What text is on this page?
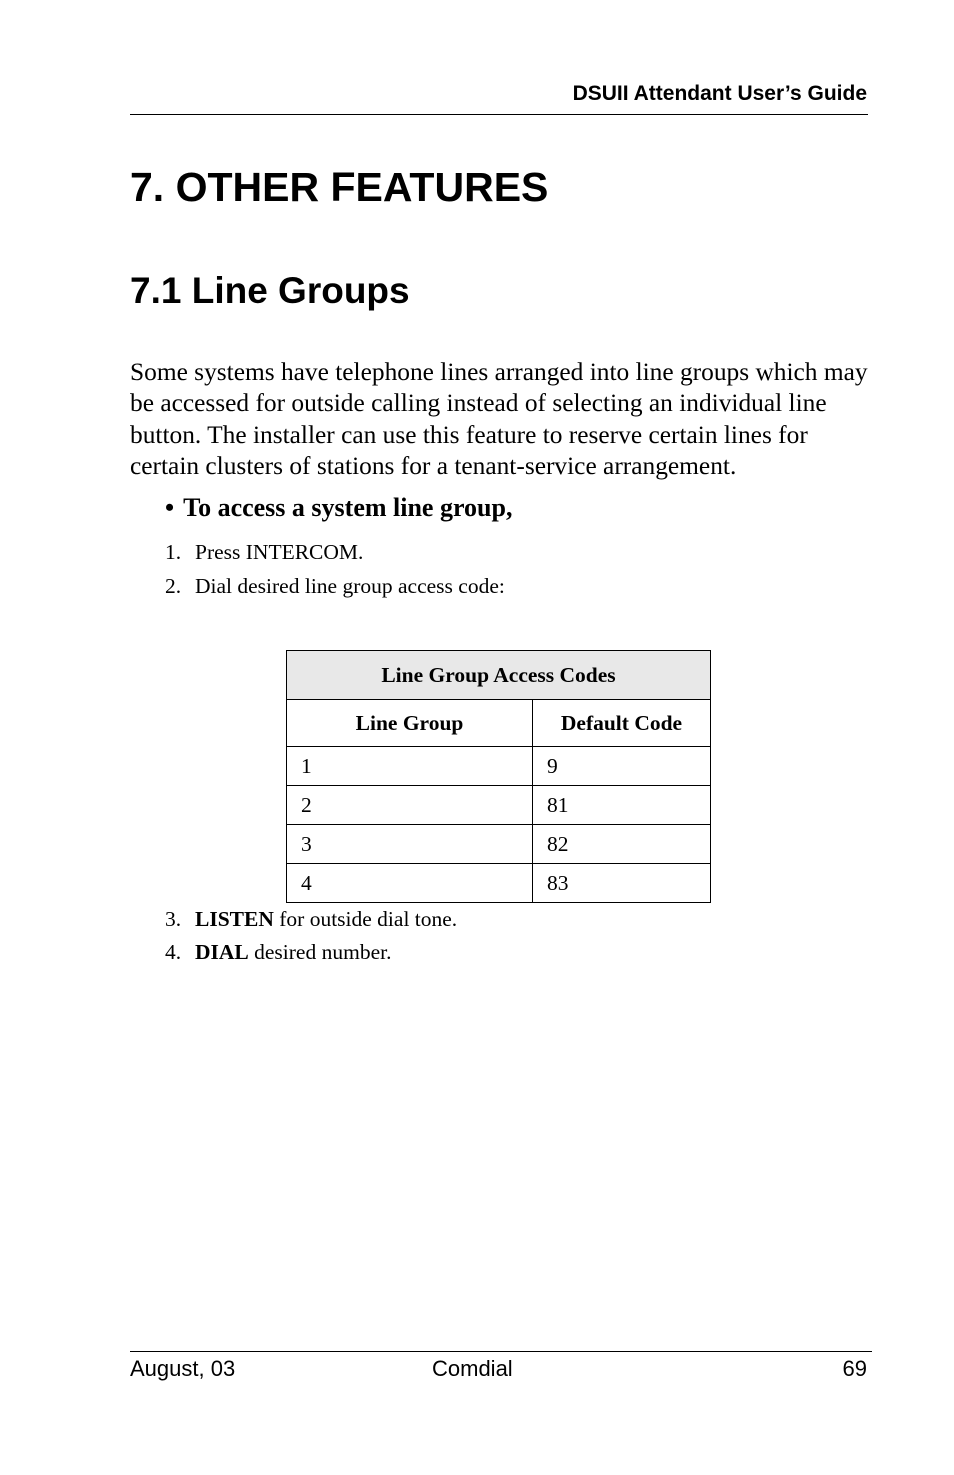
DSUII Attendant User’s Guide
7. OTHER FEATURES
7.1 Line Groups

Some systems have telephone lines arranged into line groups which may be accessed for outside calling instead of selecting an individual line button. The installer can use this feature to reserve certain lines for certain clusters of stations for a tenant-service arrangement.

• To access a system line group,
1. Press INTERCOM.
2. Dial desired line group access code:
Line Group Access Codes	
Line Group	Default Code
1	9
2	81
3	82
4	83
3. LISTEN for outside dial tone.
4. DIAL desired number.
August, 03	Comdial	69
